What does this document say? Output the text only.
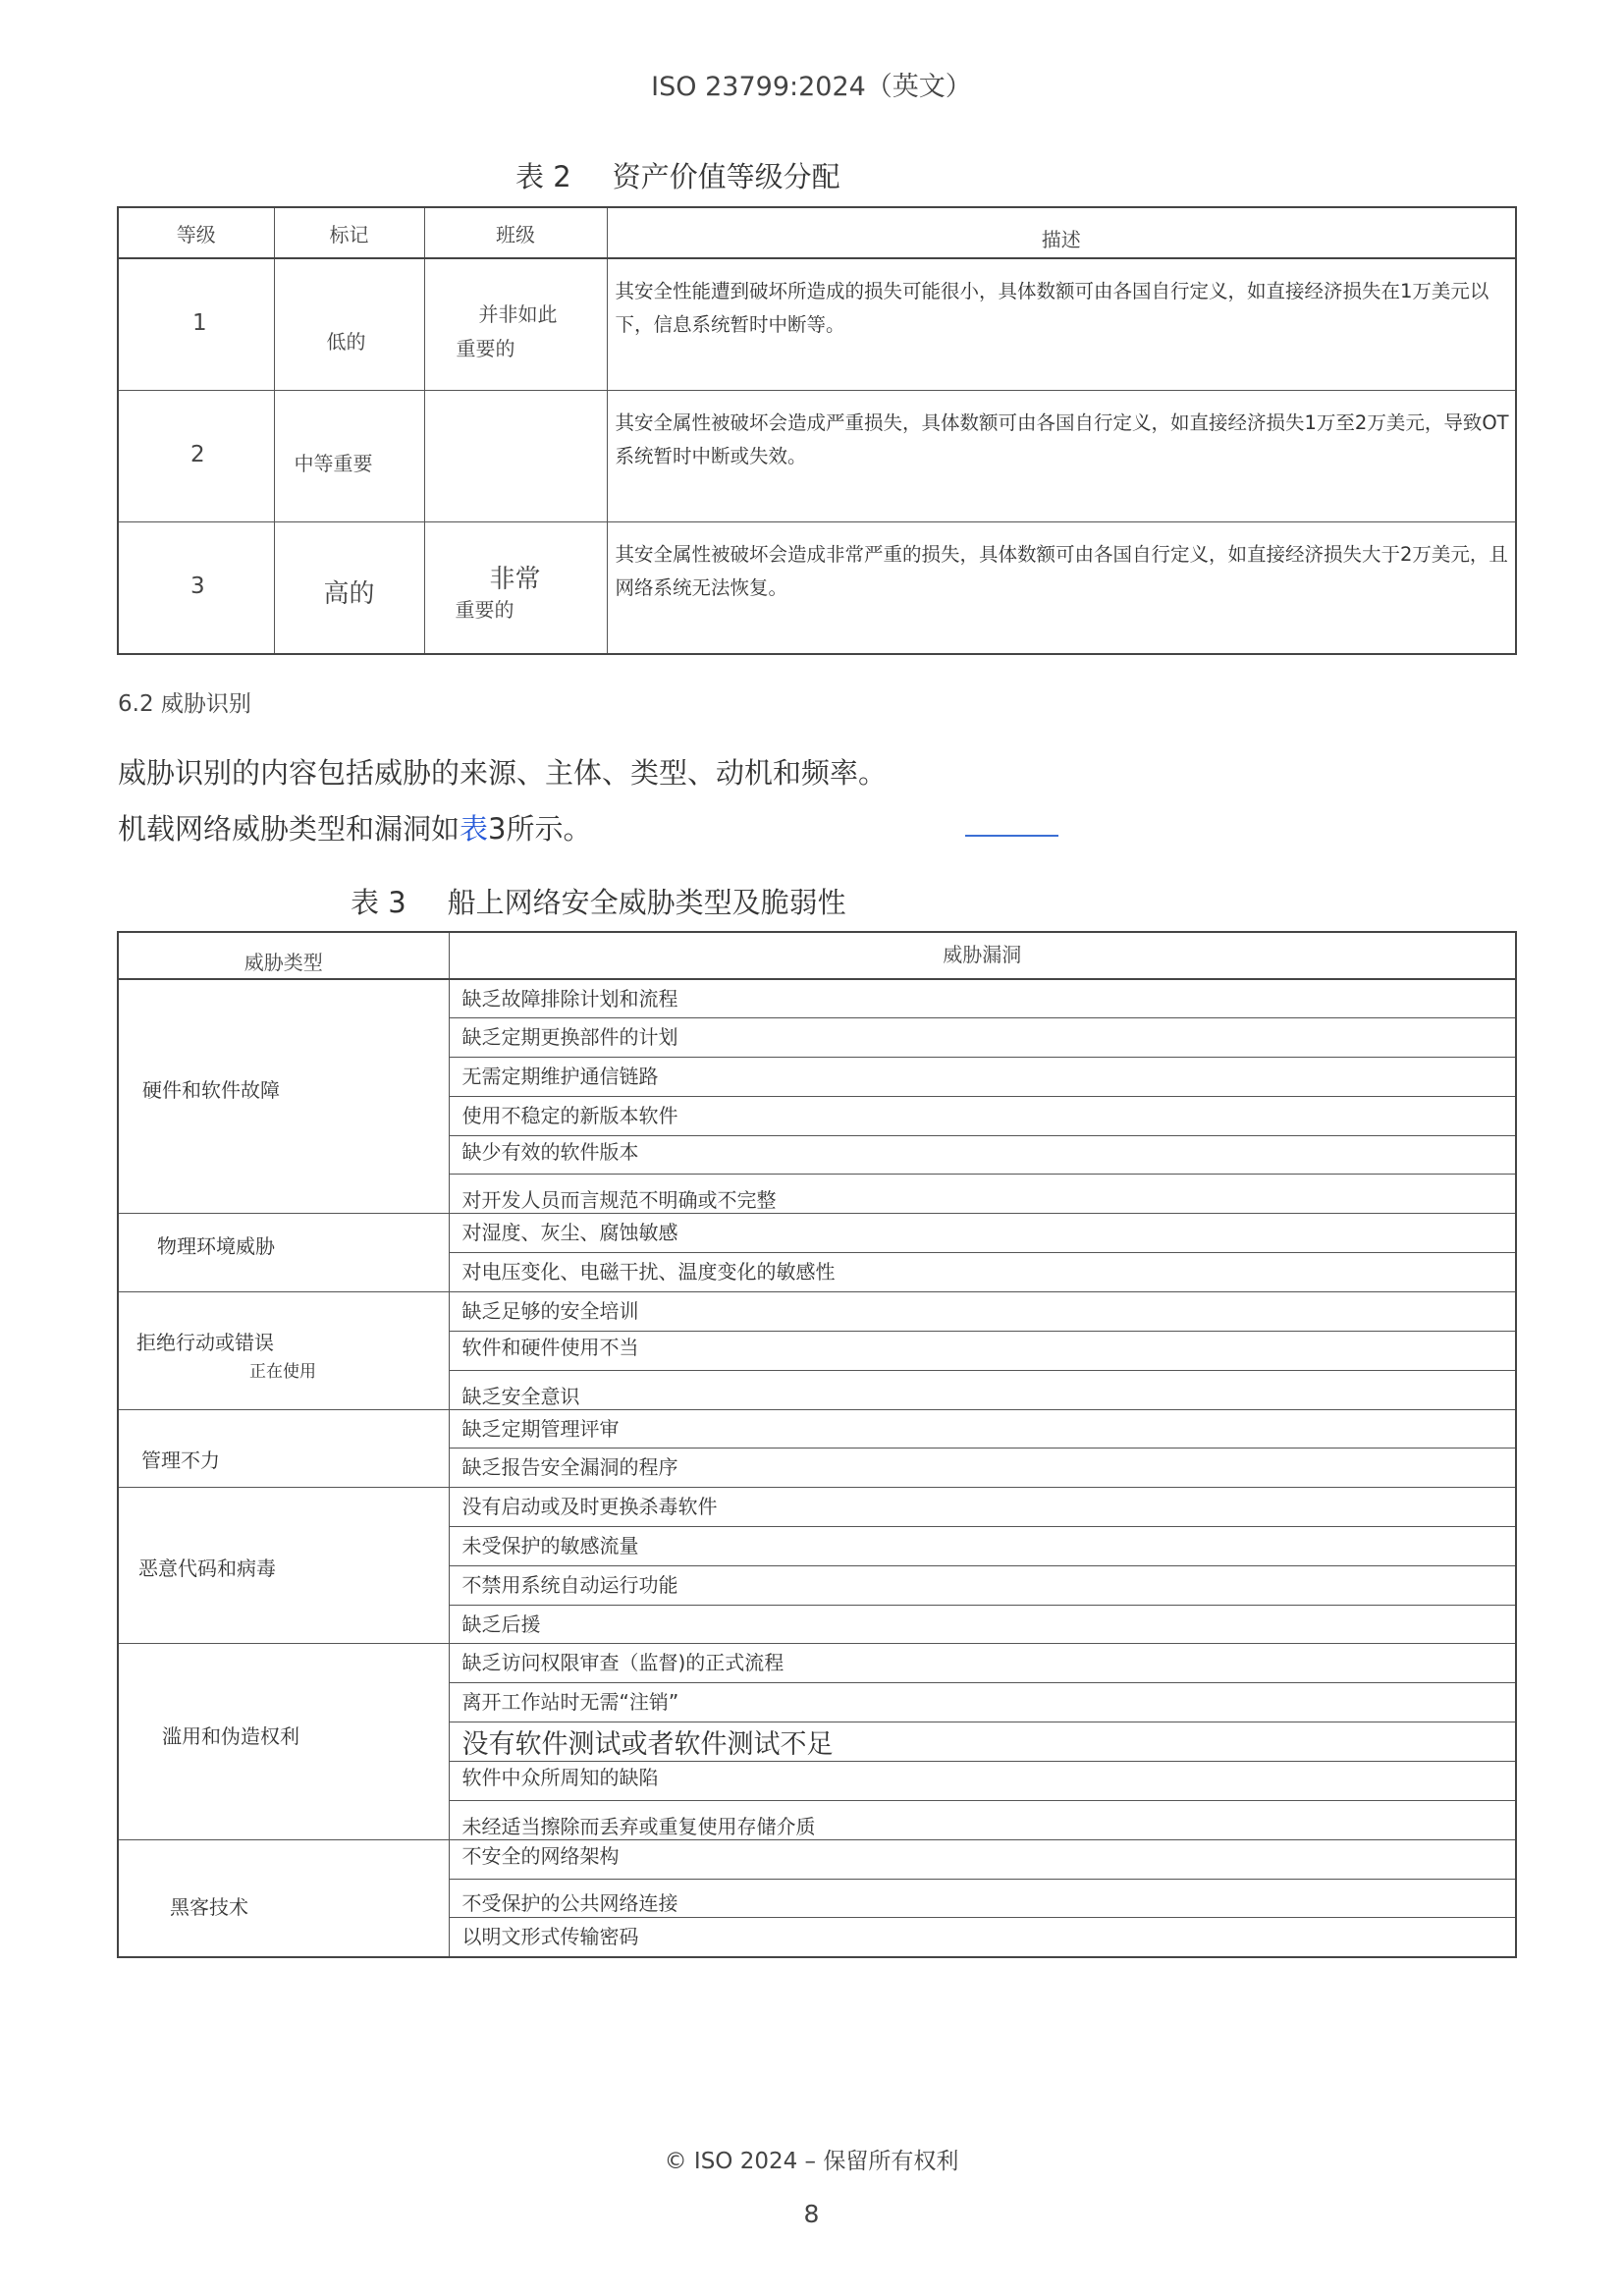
ISO 23799:2024（英文）
表 2 资产价值等级分配
等级	标记	班级	描述

1	低的	并非如此
重要的	其安全性能遭到破坏所造成的损失可能很小，具体数额可由各国自行定义，如直接经济损失在1万美元以下，信息系统暂时中断等。

2	中等重要		其安全属性被破坏会造成严重损失，具体数额可由各国自行定义，如直接经济损失1万至2万美元，导致OT系统暂时中断或失效。

3	高的	非常
重要的	其安全属性被破坏会造成非常严重的损失，具体数额可由各国自行定义，如直接经济损失大于2万美元，且网络系统无法恢复。
6.2 威胁识别
威胁识别的内容包括威胁的来源、主体、类型、动机和频率。
机载网络威胁类型和漏洞如表3所示。
表 3 船上网络安全威胁类型及脆弱性
威胁类型	威胁漏洞

硬件和软件故障	缺乏故障排除计划和流程
	缺乏定期更换部件的计划
	无需定期维护通信链路
	使用不稳定的新版本软件
	缺少有效的软件版本
	对开发人员而言规范不明确或不完整

物理环境威胁	对湿度、灰尘、腐蚀敏感
	对电压变化、电磁干扰、温度变化的敏感性

拒绝行动或错误
正在使用	缺乏足够的安全培训
	软件和硬件使用不当
	缺乏安全意识

管理不力	缺乏定期管理评审
	缺乏报告安全漏洞的程序

恶意代码和病毒	没有启动或及时更换杀毒软件
	未受保护的敏感流量
	不禁用系统自动运行功能
	缺乏后援

滥用和伪造权利	缺乏访问权限审查（监督)的正式流程
	离开工作站时无需“注销”
	没有软件测试或者软件测试不足
	软件中众所周知的缺陷
	未经适当擦除而丢弃或重复使用存储介质

黑客技术	不安全的网络架构
	不受保护的公共网络连接
	以明文形式传输密码
© ISO 2024 – 保留所有权利
8
